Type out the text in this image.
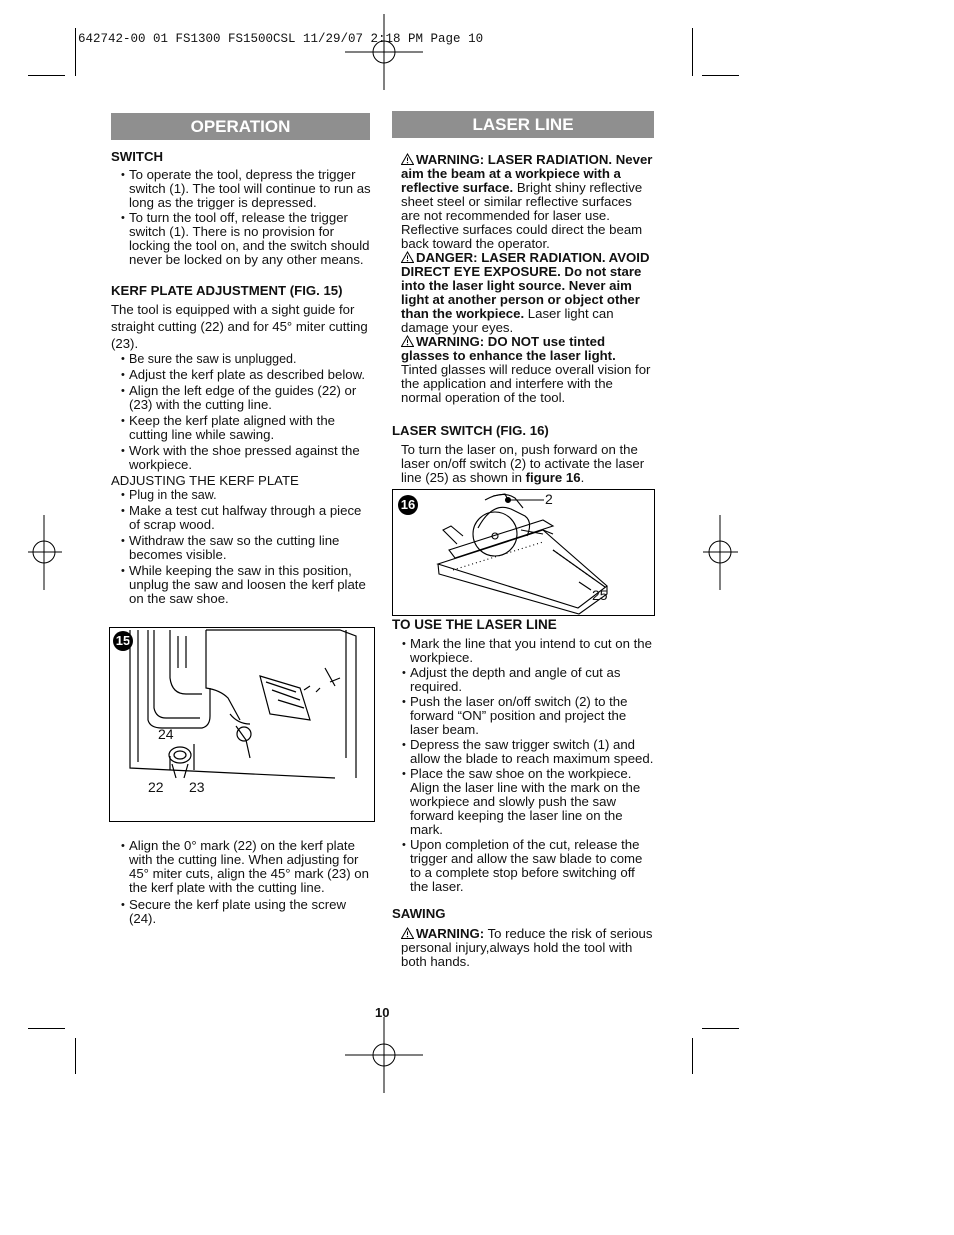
642742-00 01 FS1300 FS1500CSL 11/29/07 2:18 PM Page 10
OPERATION

SWITCH

• To operate the tool, depress the trigger switch (1). The tool will continue to run as long as the trigger is depressed.

• To turn the tool off, release the trigger switch (1). There is no provision for locking the tool on, and the switch should never be locked on by any other means.

KERF PLATE ADJUSTMENT (FIG. 15)

The tool is equipped with a sight guide for straight cutting (22) and for 45° miter cutting (23).

• Be sure the saw is unplugged.

• Adjust the kerf plate as described below.

• Align the left edge of the guides (22) or (23) with the cutting line.

• Keep the kerf plate aligned with the cutting line while sawing.

• Work with the shoe pressed against the workpiece.

ADJUSTING THE KERF PLATE

• Plug in the saw.

• Make a test cut halfway through a piece of scrap wood.

• Withdraw the saw so the cutting line becomes visible.

• While keeping the saw in this position, unplug the saw and loosen the kerf plate on the saw shoe.

15
24
22 23

• Align the 0° mark (22) on the kerf plate with the cutting line. When adjusting for 45° miter cuts, align the 45° mark (23) on the kerf plate with the cutting line.

• Secure the kerf plate using the screw (24).

LASER LINE

WARNING: LASER RADIATION. Never aim the beam at a workpiece with a reflective surface. Bright shiny reflective sheet steel or similar reflective surfaces are not recommended for laser use. Reflective surfaces could direct the beam back toward the operator.

DANGER: LASER RADIATION. AVOID DIRECT EYE EXPOSURE. Do not stare into the laser light source. Never aim light at another person or object other than the workpiece. Laser light can damage your eyes.

WARNING: DO NOT use tinted glasses to enhance the laser light. Tinted glasses will reduce overall vision for the application and interfere with the normal operation of the tool.

LASER SWITCH (FIG. 16)

To turn the laser on, push forward on the laser on/off switch (2) to activate the laser line (25) as shown in figure 16.

16	2
25

TO USE THE LASER LINE

• Mark the line that you intend to cut on the workpiece.

• Adjust the depth and angle of cut as required.

• Push the laser on/off switch (2) to the forward “ON” position and project the laser beam.

• Depress the saw trigger switch (1) and allow the blade to reach maximum speed.

• Place the saw shoe on the workpiece. Align the laser line with the mark on the workpiece and slowly push the saw forward keeping the laser line on the mark.

• Upon completion of the cut, release the trigger and allow the saw blade to come to a complete stop before switching off the laser.

SAWING

WARNING: To reduce the risk of serious personal injury,always hold the tool with both hands.

10
